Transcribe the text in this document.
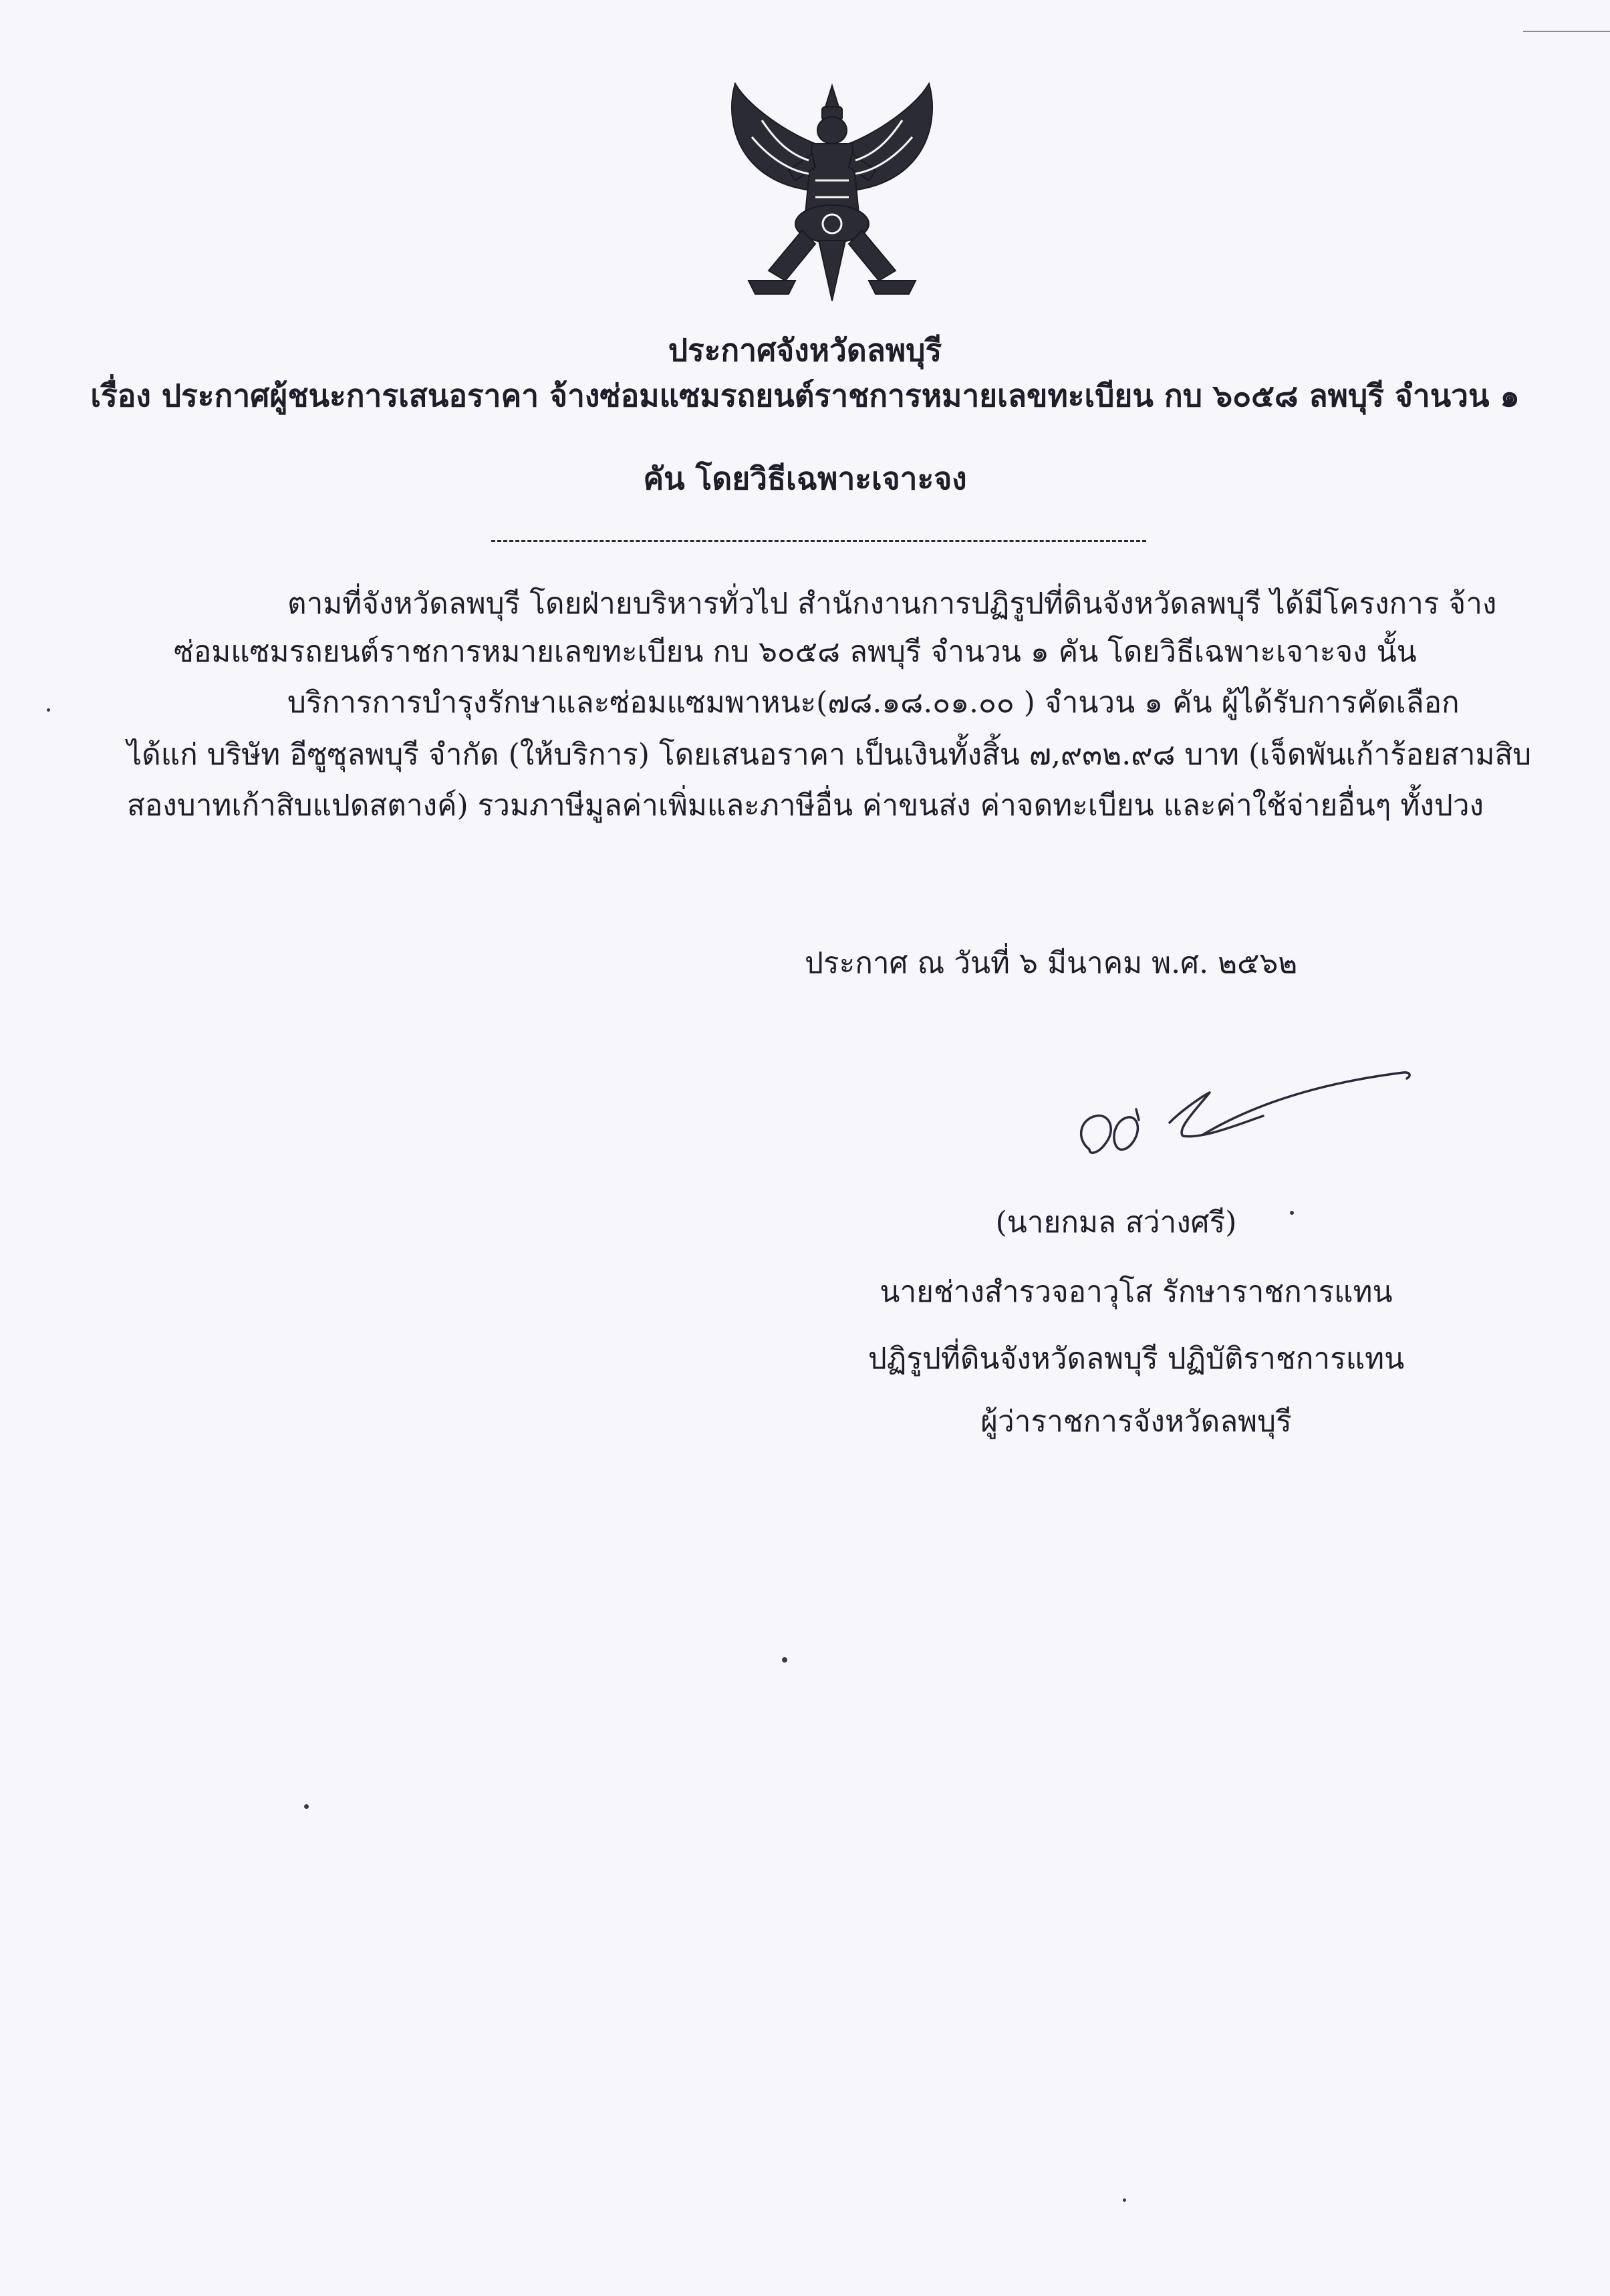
ประกาศจังหวัดลพบุรี
เรื่อง ประกาศผู้ชนะการเสนอราคา จ้างซ่อมแซมรถยนต์ราชการหมายเลขทะเบียน กบ ๖๐๕๘ ลพบุรี จำนวน ๑
คัน โดยวิธีเฉพาะเจาะจง
ตามที่จังหวัดลพบุรี โดยฝ่ายบริหารทั่วไป สำนักงานการปฏิรูปที่ดินจังหวัดลพบุรี ได้มีโครงการ จ้าง
ซ่อมแซมรถยนต์ราชการหมายเลขทะเบียน กบ ๖๐๕๘ ลพบุรี จำนวน ๑ คัน โดยวิธีเฉพาะเจาะจง นั้น
บริการการบำรุงรักษาและซ่อมแซมพาหนะ(๗๘.๑๘.๐๑.๐๐ ) จำนวน ๑ คัน ผู้ได้รับการคัดเลือก
ได้แก่ บริษัท อีซูซุลพบุรี จำกัด (ให้บริการ) โดยเสนอราคา เป็นเงินทั้งสิ้น ๗,๙๓๒.๙๘ บาท (เจ็ดพันเก้าร้อยสามสิบ
สองบาทเก้าสิบแปดสตางค์) รวมภาษีมูลค่าเพิ่มและภาษีอื่น ค่าขนส่ง ค่าจดทะเบียน และค่าใช้จ่ายอื่นๆ ทั้งปวง
ประกาศ ณ วันที่ ๖ มีนาคม พ.ศ. ๒๕๖๒
(นายกมล สว่างศรี)
นายช่างสำรวจอาวุโส รักษาราชการแทน
ปฏิรูปที่ดินจังหวัดลพบุรี ปฏิบัติราชการแทน
ผู้ว่าราชการจังหวัดลพบุรี
